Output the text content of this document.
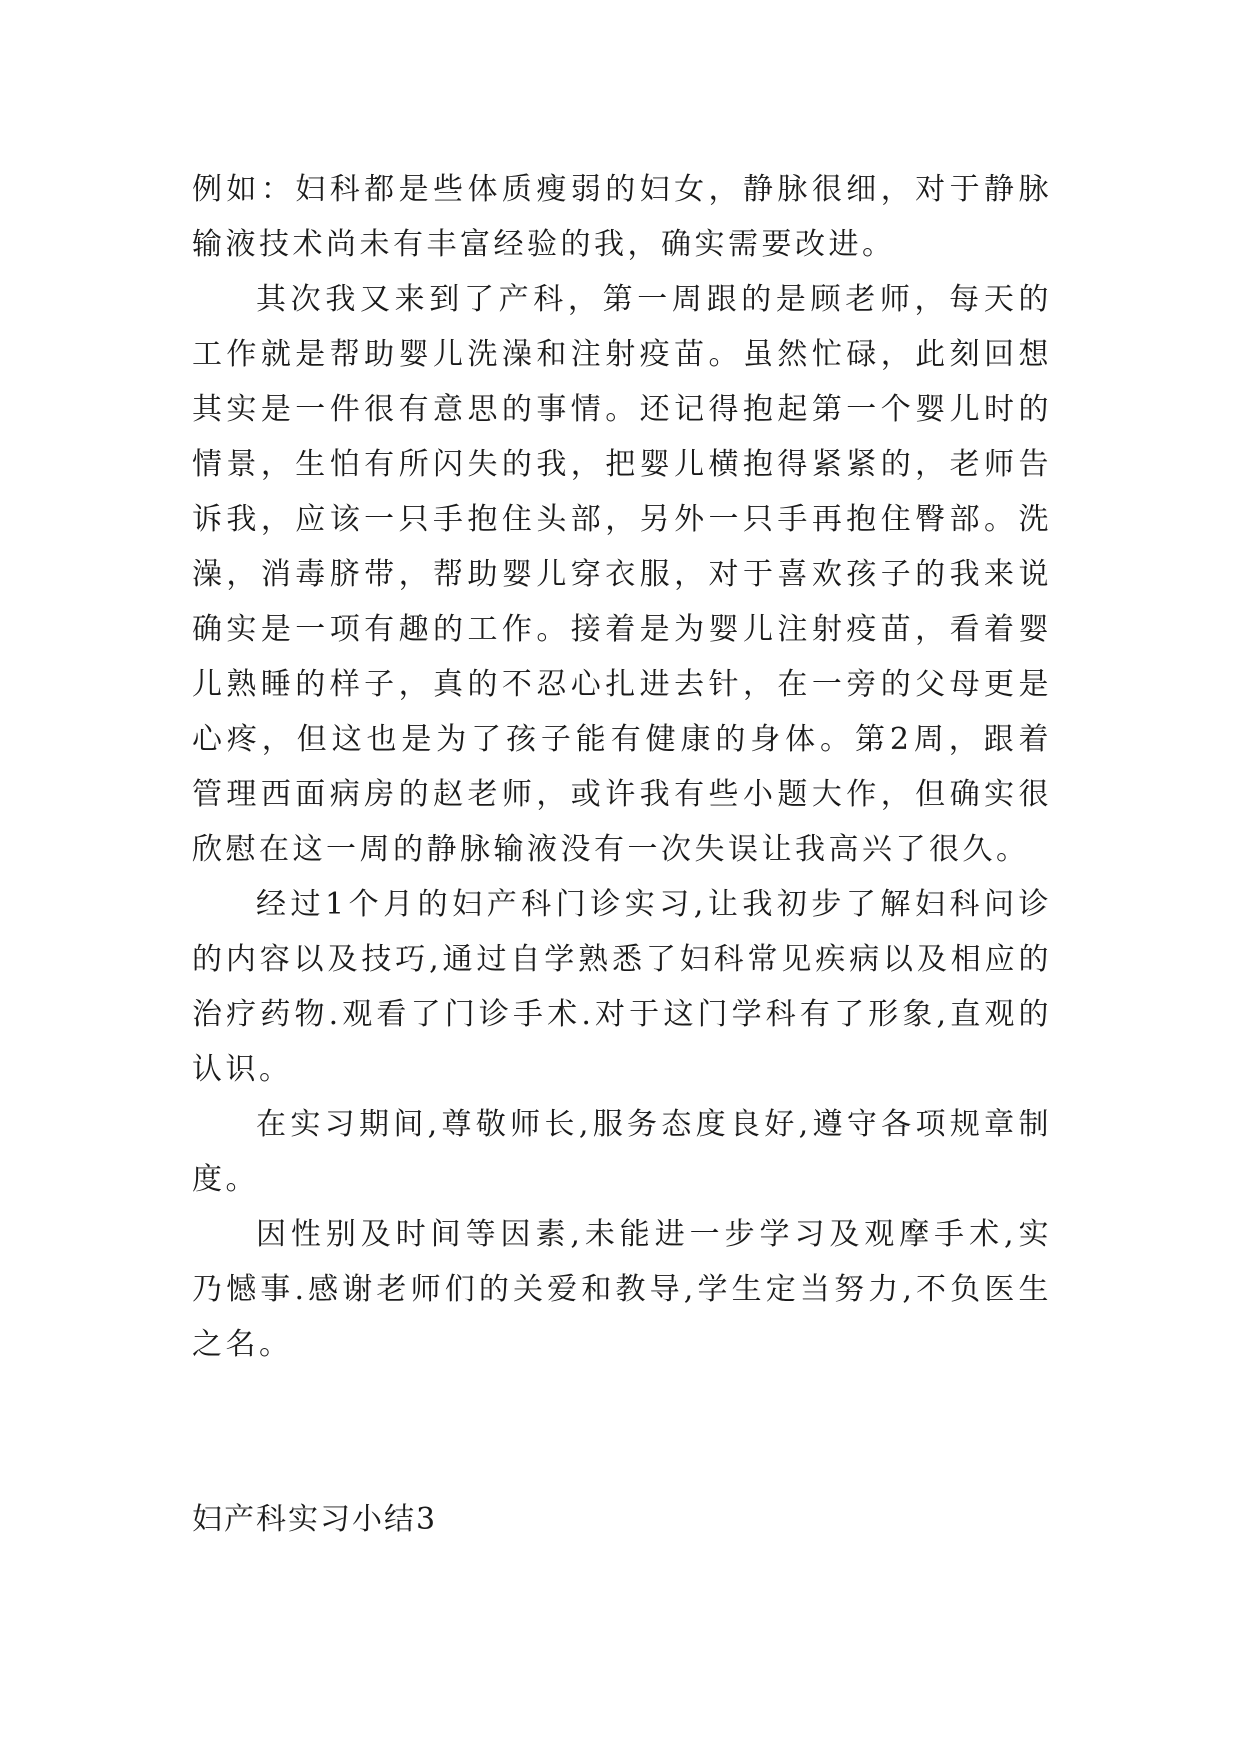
例如：妇科都是些体质瘦弱的妇女，静脉很细，对于静脉输液技术尚未有丰富经验的我，确实需要改进。

其次我又来到了产科，第一周跟的是顾老师，每天的工作就是帮助婴儿洗澡和注射疫苗。虽然忙碌，此刻回想其实是一件很有意思的事情。还记得抱起第一个婴儿时的情景，生怕有所闪失的我，把婴儿横抱得紧紧的，老师告诉我，应该一只手抱住头部，另外一只手再抱住臀部。洗澡，消毒脐带，帮助婴儿穿衣服，对于喜欢孩子的我来说确实是一项有趣的工作。接着是为婴儿注射疫苗，看着婴儿熟睡的样子，真的不忍心扎进去针，在一旁的父母更是心疼，但这也是为了孩子能有健康的身体。第2周，跟着管理西面病房的赵老师，或许我有些小题大作，但确实很欣慰在这一周的静脉输液没有一次失误让我高兴了很久。

经过1个月的妇产科门诊实习,让我初步了解妇科问诊的内容以及技巧,通过自学熟悉了妇科常见疾病以及相应的治疗药物.观看了门诊手术.对于这门学科有了形象,直观的认识。

在实习期间,尊敬师长,服务态度良好,遵守各项规章制度。

因性别及时间等因素,未能进一步学习及观摩手术,实乃憾事.感谢老师们的关爱和教导,学生定当努力,不负医生之名。

妇产科实习小结3
